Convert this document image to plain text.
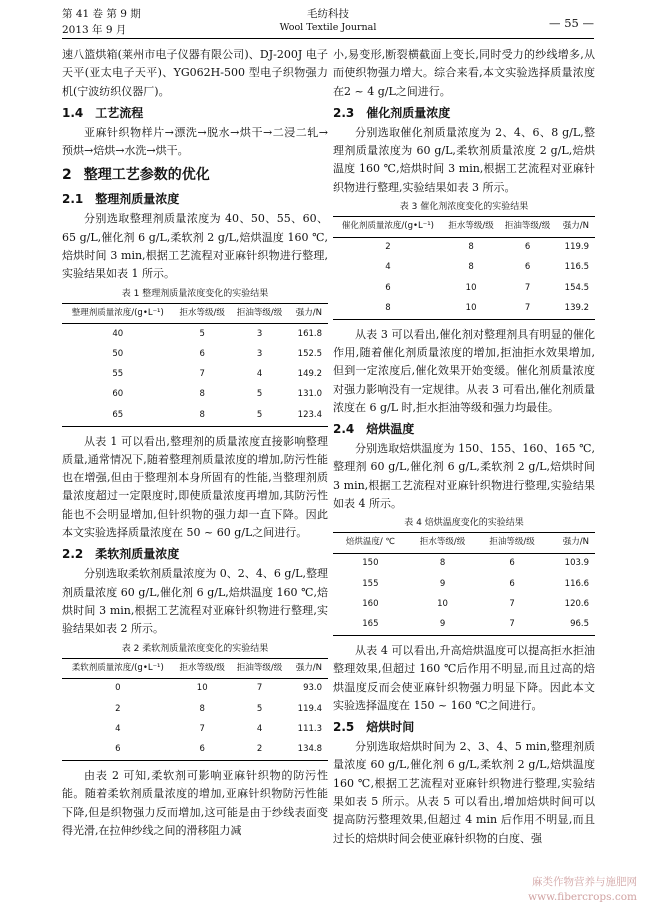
第 41 卷 第 9 期
2013 年 9 月
毛纺科技
Wool Textile Journal	— 55 —

速八篮烘箱(莱州市电子仪器有限公司)、DJ-200J 电子天平(亚太电子天平)、YG062H-500 型电子织物强力机(宁波纺织仪器厂)。

1.4 工艺流程

亚麻针织物样片→漂洗→脱水→烘干→二浸二轧→预烘→焙烘→水洗→烘干。

2 整理工艺参数的优化
2.1 整理剂质量浓度

分别选取整理剂质量浓度为 40、50、55、60、65 g/L,催化剂 6 g/L,柔软剂 2 g/L,焙烘温度 160 ℃,焙烘时间 3 min,根据工艺流程对亚麻针织物进行整理,实验结果如表 1 所示。

表 1 整理剂质量浓度变化的实验结果
整理剂质量浓度/(g•L⁻¹)	拒水等级/级	拒油等级/级	强力/N
40	5	3	161.8
50	6	3	152.5
55	7	4	149.2
60	8	5	131.0
65	8	5	123.4

从表 1 可以看出,整理剂的质量浓度直接影响整理质量,通常情况下,随着整理剂质量浓度的增加,防污性能也在增强,但由于整理剂本身所固有的性能,当整理剂质量浓度超过一定限度时,即使质量浓度再增加,其防污性能也不会明显增加,但针织物的强力却一直下降。因此本文实验选择质量浓度在 50 ~ 60 g/L之间进行。

2.2 柔软剂质量浓度

分别选取柔软剂质量浓度为 0、2、4、6 g/L,整理剂质量浓度 60 g/L,催化剂 6 g/L,焙烘温度 160 ℃,焙烘时间 3 min,根据工艺流程对亚麻针织物进行整理,实验结果如表 2 所示。

表 2 柔软剂质量浓度变化的实验结果
柔软剂质量浓度/(g•L⁻¹)	拒水等级/级	拒油等级/级	强力/N
0	10	7	93.0
2	8	5	119.4
4	7	4	111.3
6	6	2	134.8

由表 2 可知,柔软剂可影响亚麻针织物的防污性能。随着柔软剂质量浓度的增加,亚麻针织物防污性能下降,但是织物强力反而增加,这可能是由于纱线表面变得光滑,在拉伸纱线之间的滑移阻力减

小,易变形,断裂横截面上变长,同时受力的纱线增多,从而使织物强力增大。综合来看,本文实验选择质量浓度在2 ~ 4 g/L之间进行。

2.3 催化剂质量浓度

分别选取催化剂质量浓度为 2、4、6、8 g/L,整理剂质量浓度为 60 g/L,柔软剂质量浓度 2 g/L,焙烘温度 160 ℃,焙烘时间 3 min,根据工艺流程对亚麻针织物进行整理,实验结果如表 3 所示。

表 3 催化剂浓度变化的实验结果
催化剂质量浓度/(g•L⁻¹)	拒水等级/级	拒油等级/级	强力/N
2	8	6	119.9
4	8	6	116.5
6	10	7	154.5
8	10	7	139.2

从表 3 可以看出,催化剂对整理剂具有明显的催化作用,随着催化剂质量浓度的增加,拒油拒水效果增加,但到一定浓度后,催化效果开始变缓。催化剂质量浓度对强力影响没有一定规律。从表 3 可看出,催化剂质量浓度在 6 g/L 时,拒水拒油等级和强力均最佳。

2.4 焙烘温度

分别选取焙烘温度为 150、155、160、165 ℃,整理剂 60 g/L,催化剂 6 g/L,柔软剂 2 g/L,焙烘时间 3 min,根据工艺流程对亚麻针织物进行整理,实验结果如表 4 所示。

表 4 焙烘温度变化的实验结果
焙烘温度/ ℃	拒水等级/级	拒油等级/级	强力/N
150	8	6	103.9
155	9	6	116.6
160	10	7	120.6
165	9	7	96.5

从表 4 可以看出,升高焙烘温度可以提高拒水拒油整理效果,但超过 160 ℃后作用不明显,而且过高的焙烘温度反而会使亚麻针织物强力明显下降。因此本文实验选择温度在 150 ~ 160 ℃之间进行。

2.5 焙烘时间

分别选取焙烘时间为 2、3、4、5 min,整理剂质量浓度 60 g/L,催化剂 6 g/L,柔软剂 2 g/L,焙烘温度 160 ℃,根据工艺流程对亚麻针织物进行整理,实验结果如表 5 所示。从表 5 可以看出,增加焙烘时间可以提高防污整理效果,但超过 4 min 后作用不明显,而且过长的焙烘时间会使亚麻针织物的白度、强

麻类作物营养与施肥网
www.fibercrops.com
